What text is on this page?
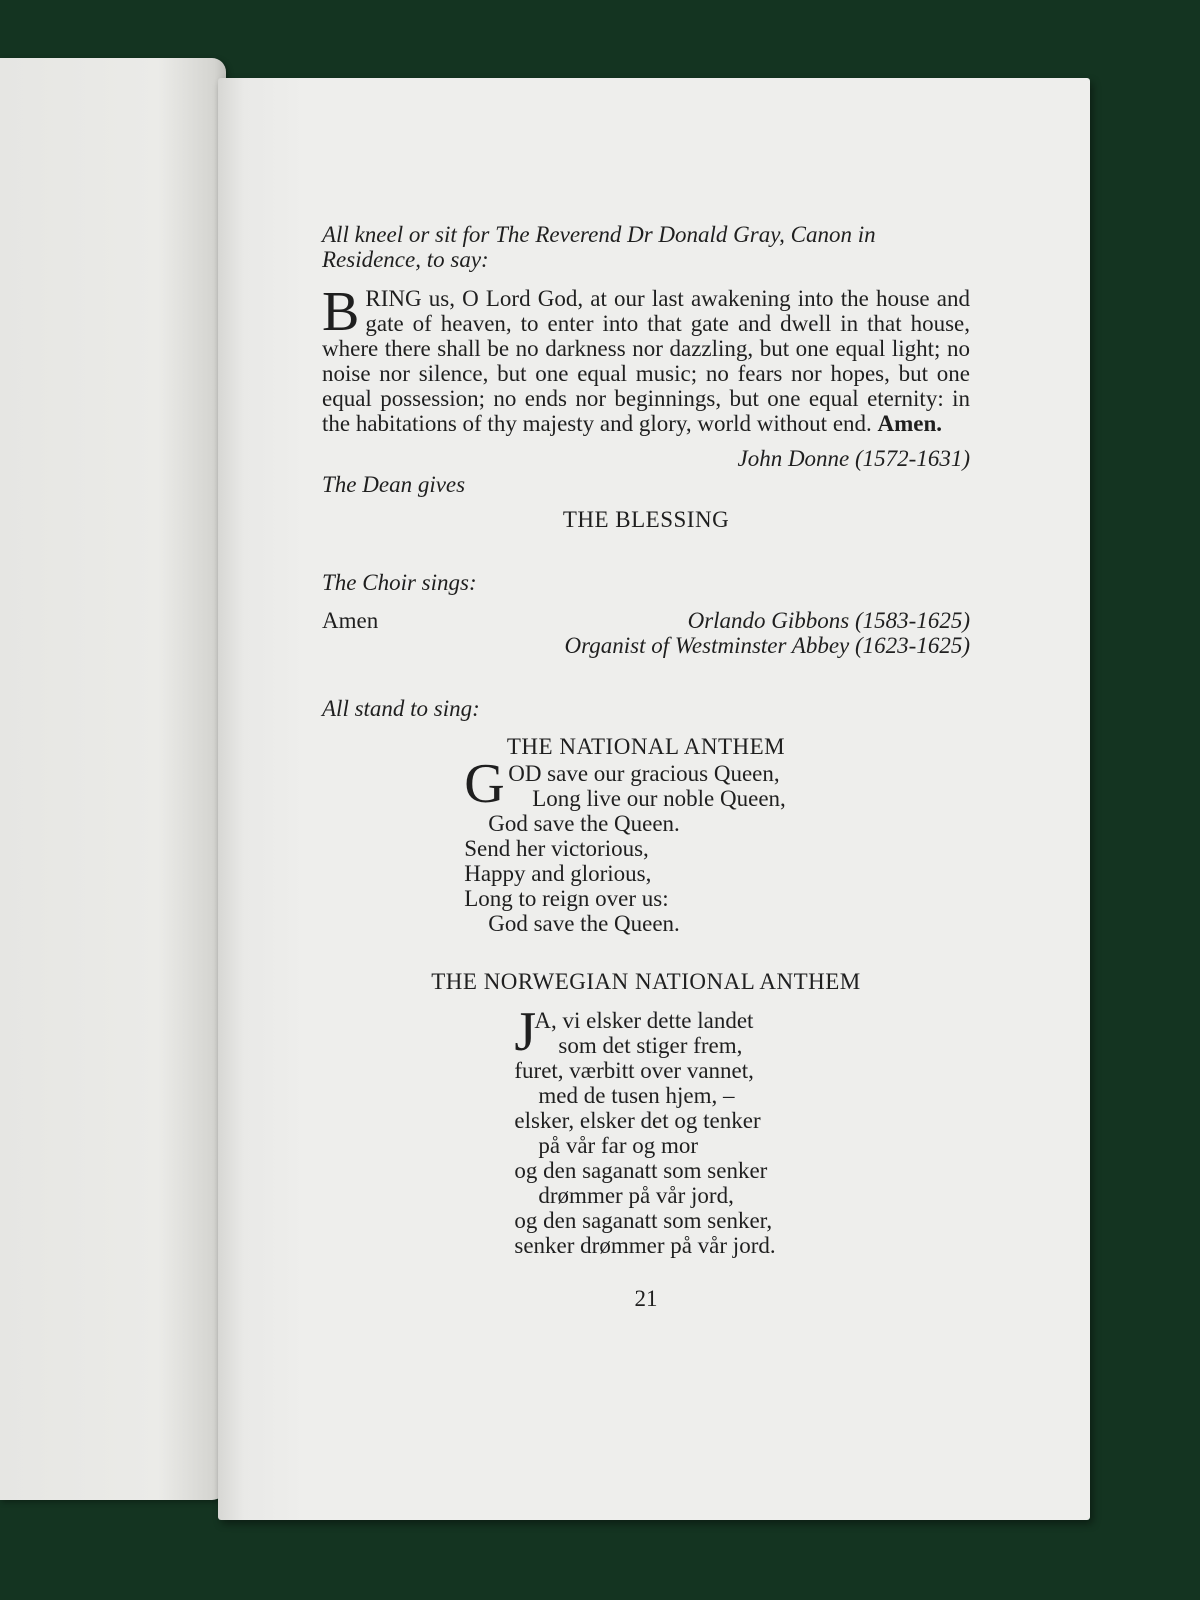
All kneel or sit for The Reverend Dr Donald Gray, Canon in Residence, to say:
B RING us, O Lord God, at our last awakening into the house and gate of heaven, to enter into that gate and dwell in that house, where there shall be no darkness nor dazzling, but one equal light; no noise nor silence, but one equal music; no fears nor hopes, but one equal possession; no ends nor beginnings, but one equal eternity: in the habitations of thy majesty and glory, world without end. Amen.
John Donne (1572-1631)
The Dean gives
THE BLESSING
The Choir sings:
Amen	Orlando Gibbons (1583-1625)
Organist of Westminster Abbey (1623-1625)
All stand to sing:
THE NATIONAL ANTHEM
G OD save our gracious Queen,
Long live our noble Queen,
God save the Queen.
Send her victorious,
Happy and glorious,
Long to reign over us:
God save the Queen.
THE NORWEGIAN NATIONAL ANTHEM
J
A, vi elsker dette landet
som det stiger frem,
furet, værbitt over vannet,
med de tusen hjem, –
elsker, elsker det og tenker
på vår far og mor
og den saganatt som senker
drømmer på vår jord,
og den saganatt som senker,
senker drømmer på vår jord.
21
